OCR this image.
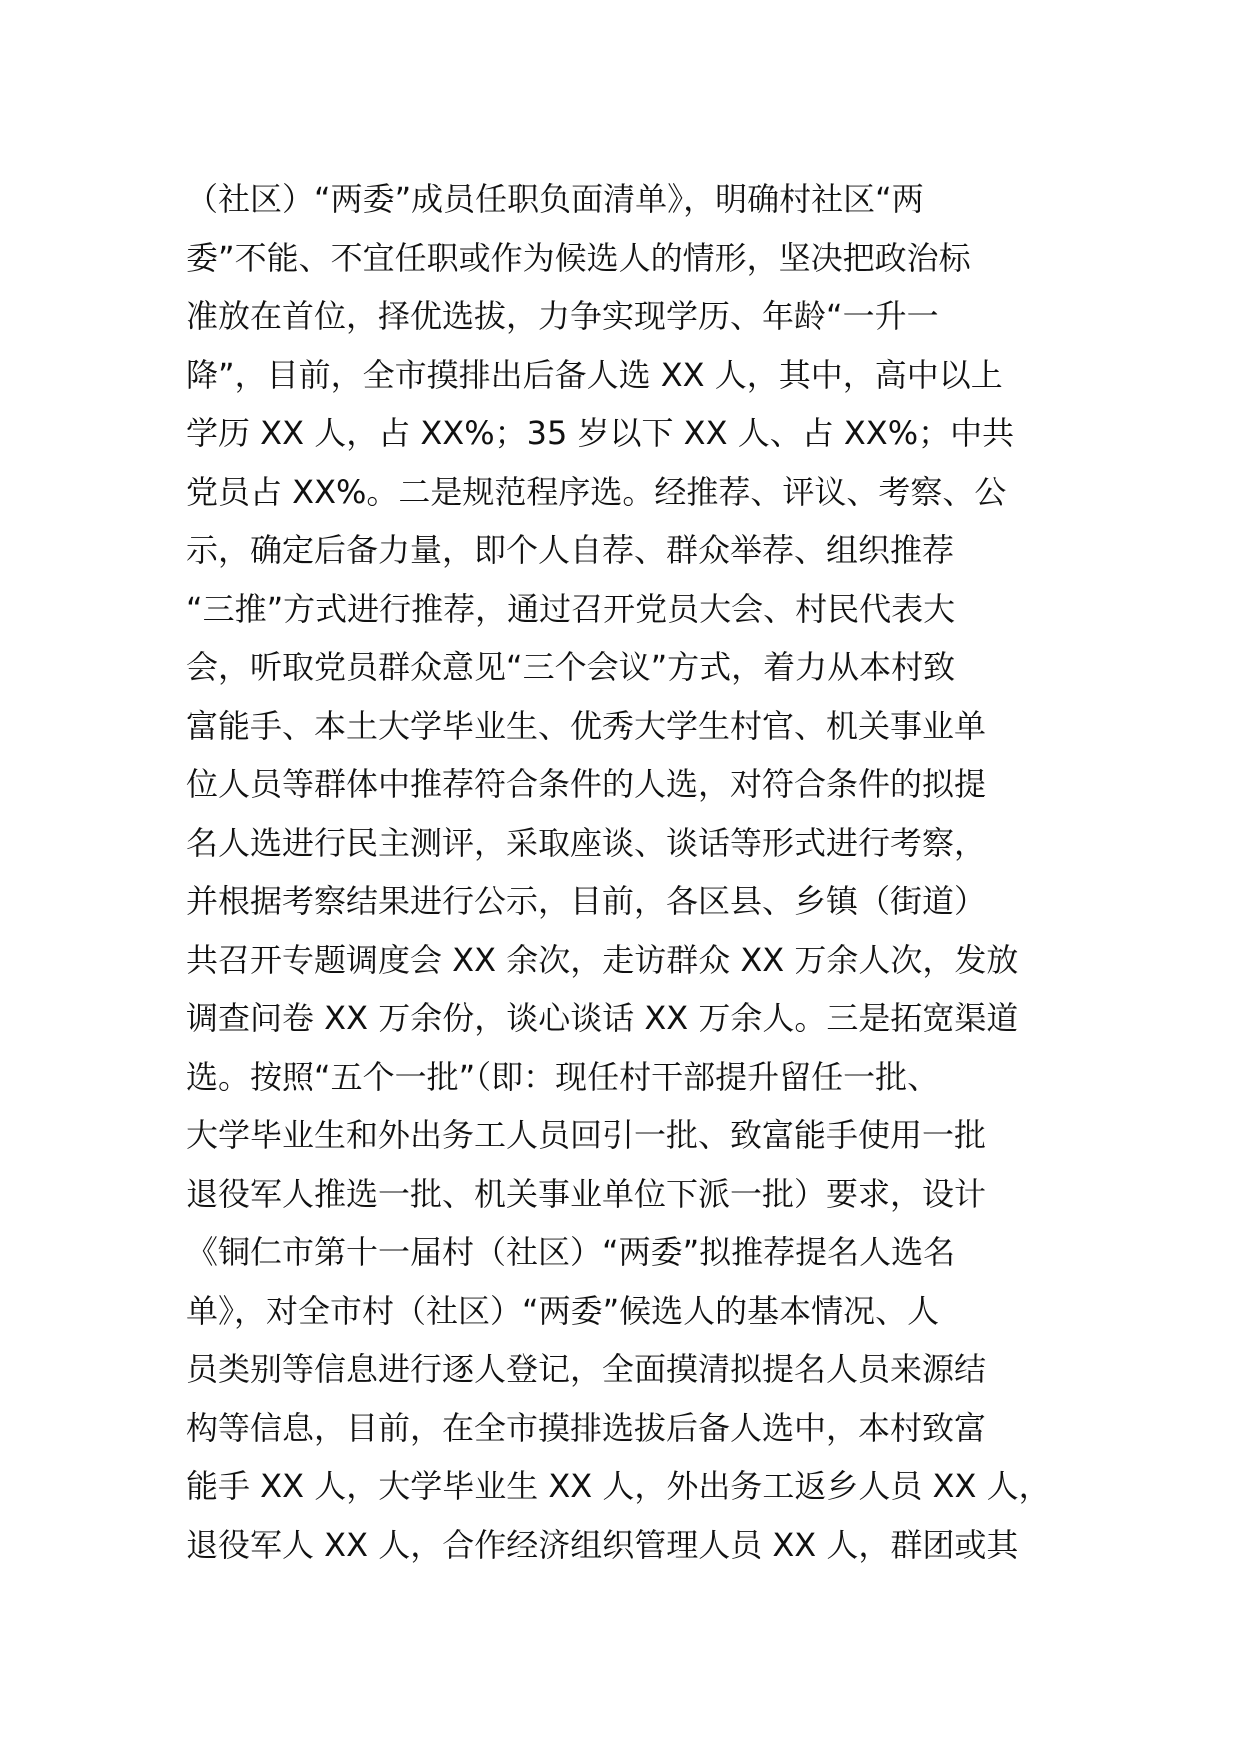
（社区）“两委”成员任职负面清单》，明确村社区“两
委”不能、不宜任职或作为候选人的情形，坚决把政治标
准放在首位，择优选拔，力争实现学历、年龄“一升一
降”，目前，全市摸排出后备人选 XX 人，其中，高中以上
学历 XX 人，占 XX%；35 岁以下 XX 人、占 XX%；中共
党员占 XX%。二是规范程序选。经推荐、评议、考察、公
示，确定后备力量，即个人自荐、群众举荐、组织推荐
“三推”方式进行推荐，通过召开党员大会、村民代表大
会，听取党员群众意见“三个会议”方式，着力从本村致
富能手、本土大学毕业生、优秀大学生村官、机关事业单
位人员等群体中推荐符合条件的人选，对符合条件的拟提
名人选进行民主测评，采取座谈、谈话等形式进行考察，
并根据考察结果进行公示，目前，各区县、乡镇（街道）
共召开专题调度会 XX 余次，走访群众 XX 万余人次，发放
调查问卷 XX 万余份，谈心谈话 XX 万余人。三是拓宽渠道
选。按照“五个一批”（即：现任村干部提升留任一批、
大学毕业生和外出务工人员回引一批、致富能手使用一批
退役军人推选一批、机关事业单位下派一批）要求，设计
《铜仁市第十一届村（社区）“两委”拟推荐提名人选名
单》，对全市村（社区）“两委”候选人的基本情况、人
员类别等信息进行逐人登记，全面摸清拟提名人员来源结
构等信息，目前，在全市摸排选拔后备人选中，本村致富
能手 XX 人，大学毕业生 XX 人，外出务工返乡人员 XX 人，
退役军人 XX 人，合作经济组织管理人员 XX 人，群团或其
